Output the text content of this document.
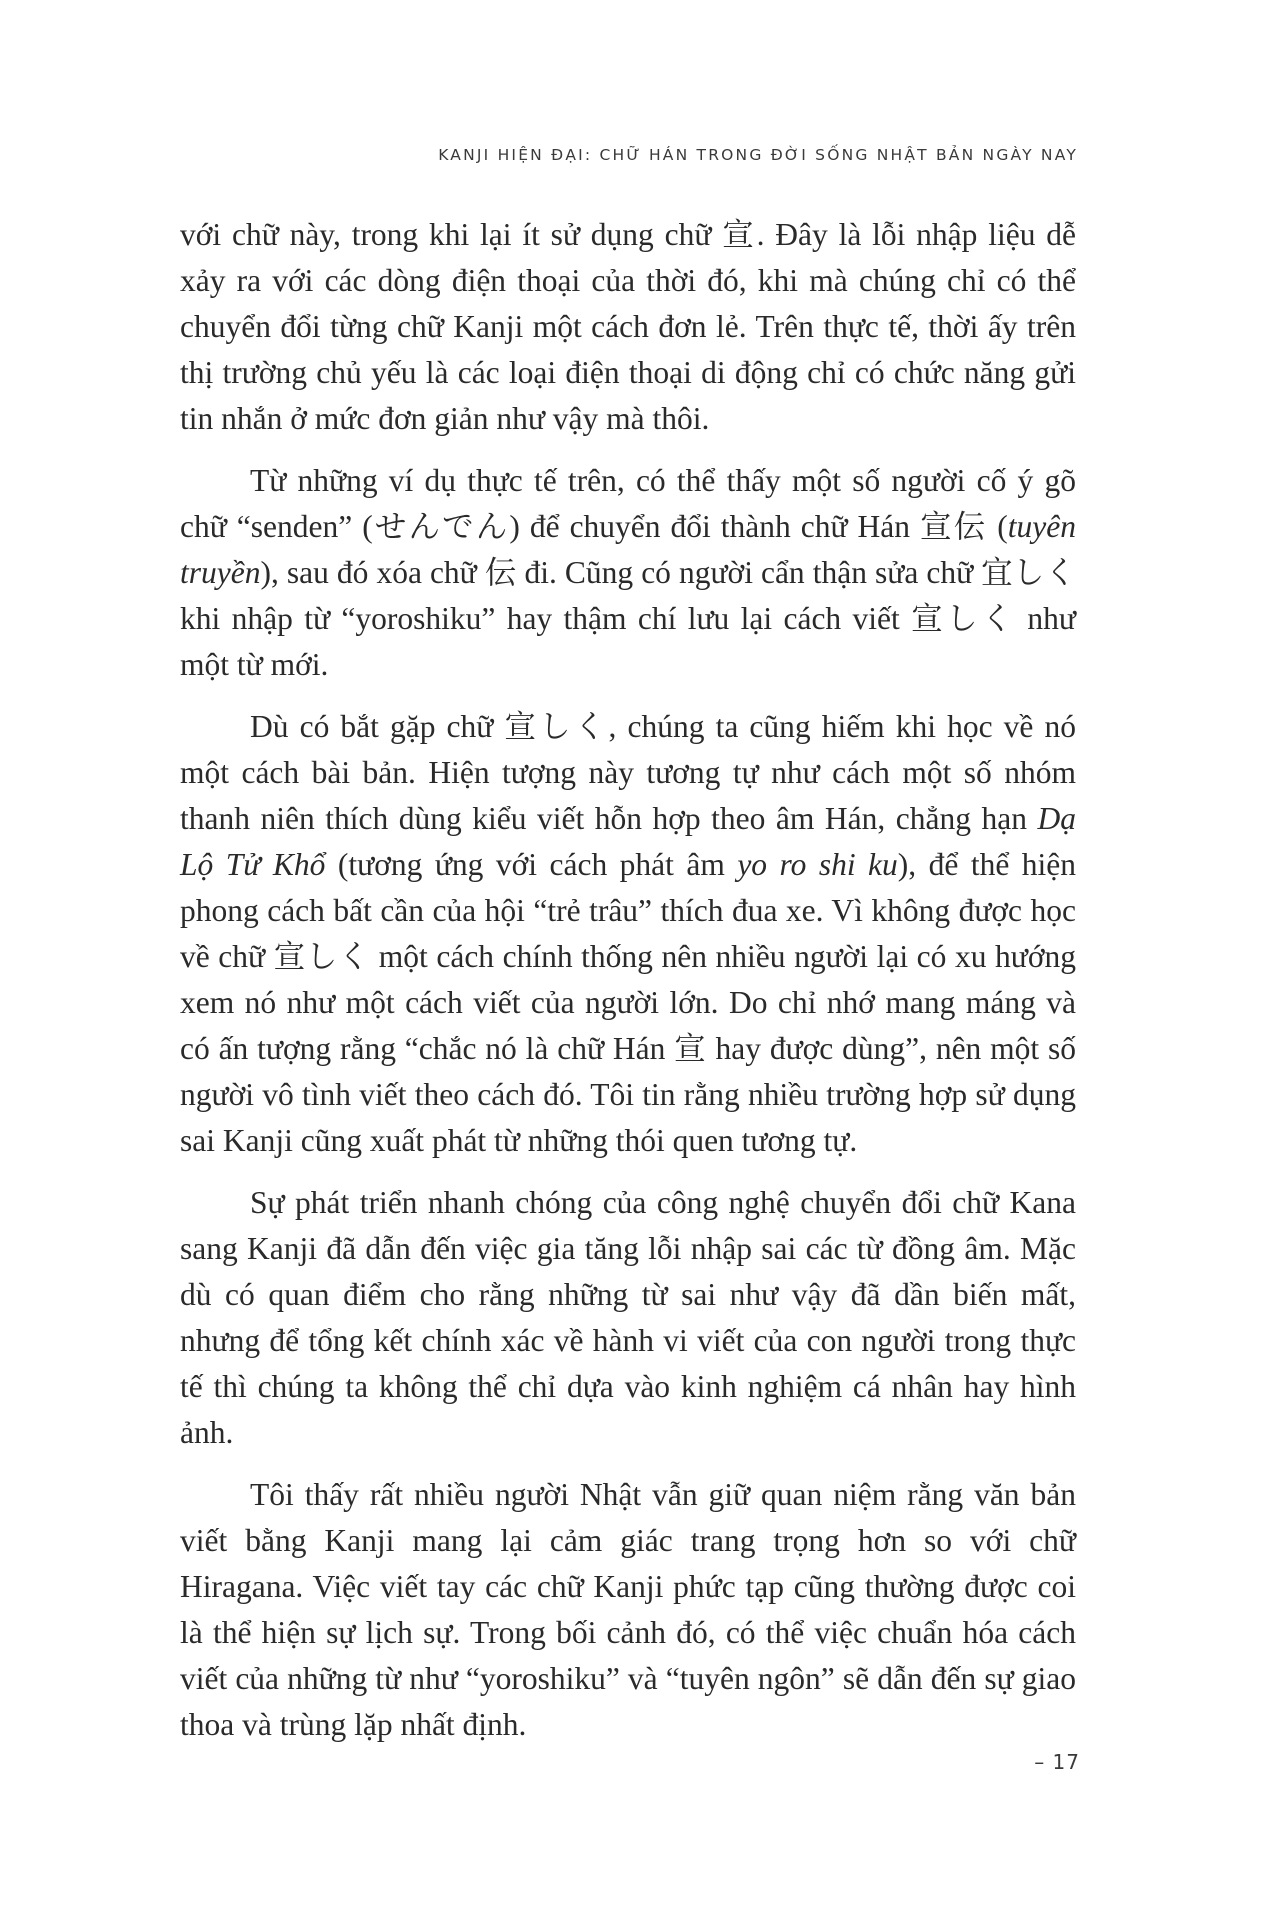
KANJI HIỆN ĐẠI: CHỮ HÁN TRONG ĐỜI SỐNG NHẬT BẢN NGÀY NAY

với chữ này, trong khi lại ít sử dụng chữ 宣. Đây là lỗi nhập liệu dễ xảy ra với các dòng điện thoại của thời đó, khi mà chúng chỉ có thể chuyển đổi từng chữ Kanji một cách đơn lẻ. Trên thực tế, thời ấy trên thị trường chủ yếu là các loại điện thoại di động chỉ có chức năng gửi tin nhắn ở mức đơn giản như vậy mà thôi.

Từ những ví dụ thực tế trên, có thể thấy một số người cố ý gõ chữ “senden” (せんでん) để chuyển đổi thành chữ Hán 宣伝 (tuyên truyền), sau đó xóa chữ 伝 đi. Cũng có người cẩn thận sửa chữ 宜しく khi nhập từ “yoroshiku” hay thậm chí lưu lại cách viết 宣しく như một từ mới.

Dù có bắt gặp chữ 宣しく, chúng ta cũng hiếm khi học về nó một cách bài bản. Hiện tượng này tương tự như cách một số nhóm thanh niên thích dùng kiểu viết hỗn hợp theo âm Hán, chẳng hạn Dạ Lộ Tử Khổ (tương ứng với cách phát âm yo ro shi ku), để thể hiện phong cách bất cần của hội “trẻ trâu” thích đua xe. Vì không được học về chữ 宣しく một cách chính thống nên nhiều người lại có xu hướng xem nó như một cách viết của người lớn. Do chỉ nhớ mang máng và có ấn tượng rằng “chắc nó là chữ Hán 宣 hay được dùng”, nên một số người vô tình viết theo cách đó. Tôi tin rằng nhiều trường hợp sử dụng sai Kanji cũng xuất phát từ những thói quen tương tự.

Sự phát triển nhanh chóng của công nghệ chuyển đổi chữ Kana sang Kanji đã dẫn đến việc gia tăng lỗi nhập sai các từ đồng âm. Mặc dù có quan điểm cho rằng những từ sai như vậy đã dần biến mất, nhưng để tổng kết chính xác về hành vi viết của con người trong thực tế thì chúng ta không thể chỉ dựa vào kinh nghiệm cá nhân hay hình ảnh.

Tôi thấy rất nhiều người Nhật vẫn giữ quan niệm rằng văn bản viết bằng Kanji mang lại cảm giác trang trọng hơn so với chữ Hiragana. Việc viết tay các chữ Kanji phức tạp cũng thường được coi là thể hiện sự lịch sự. Trong bối cảnh đó, có thể việc chuẩn hóa cách viết của những từ như “yoroshiku” và “tuyên ngôn” sẽ dẫn đến sự giao thoa và trùng lặp nhất định.

– 17
